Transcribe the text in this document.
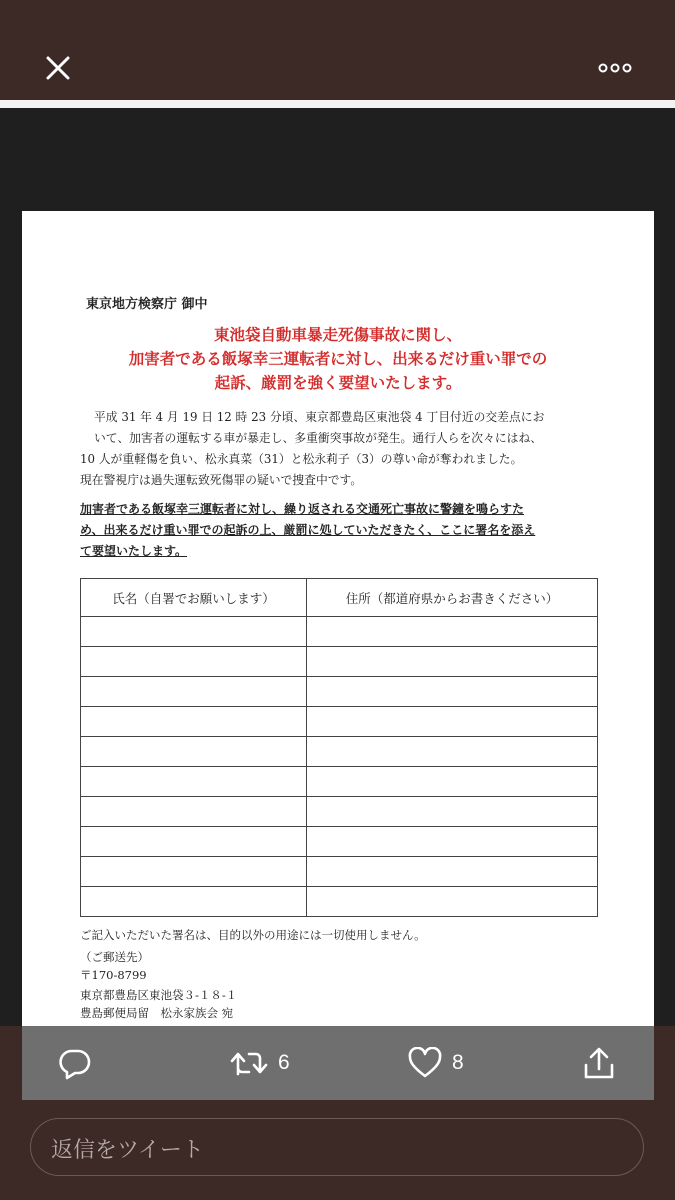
東京地方検察庁 御中
東池袋自動車暴走死傷事故に関し、
加害者である飯塚幸三運転者に対し、出来るだけ重い罪での
起訴、厳罰を強く要望いたします。
平成 31 年 4 月 19 日 12 時 23 分頃、東京都豊島区東池袋 4 丁目付近の交差点にお
いて、加害者の運転する車が暴走し、多重衝突事故が発生。通行人らを次々にはね、
10 人が重軽傷を負い、松永真菜（31）と松永莉子（3）の尊い命が奪われました。
現在警視庁は過失運転致死傷罪の疑いで捜査中です。
加害者である飯塚幸三運転者に対し、繰り返される交通死亡事故に警鐘を鳴らすた
め、出来るだけ重い罪での起訴の上、厳罰に処していただきたく、ここに署名を添え
て要望いたします。
氏名（自署でお願いします）	住所（都道府県からお書きください）

ご記入いただいた署名は、目的以外の用途には一切使用しません。
（ご郵送先）
〒170-8799
東京都豊島区東池袋３-１８-１
豊島郵便局留　松永家族会 宛
6	8
返信をツイート
